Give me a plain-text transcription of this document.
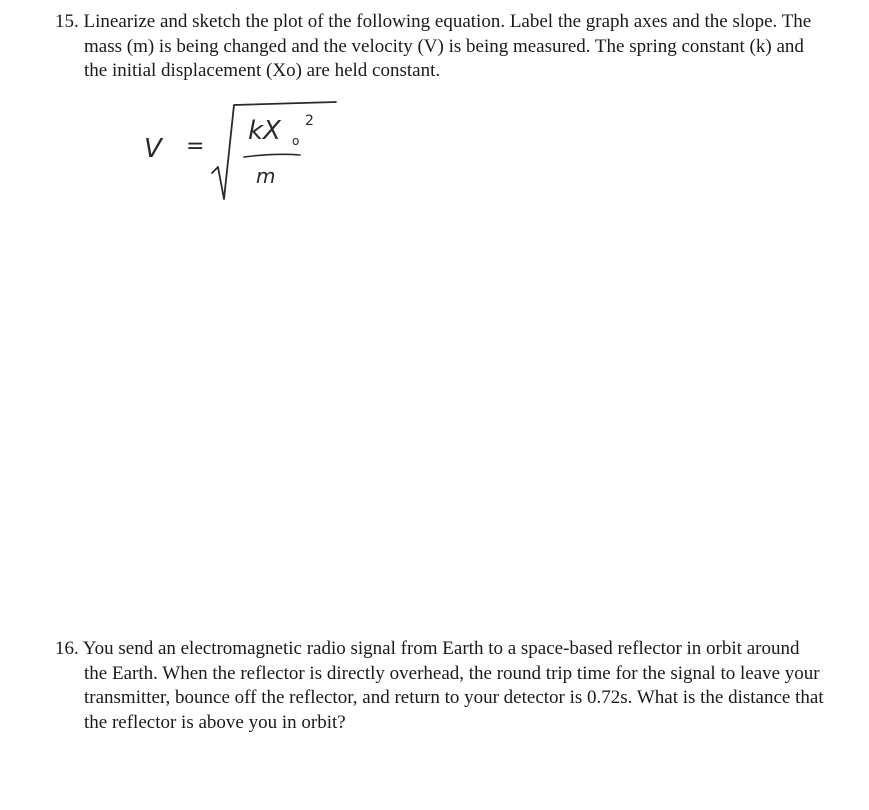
15. Linearize and sketch the plot of the following equation. Label the graph axes and the slope. The mass (m) is being changed and the velocity (V) is being measured. The spring constant (k) and the initial displacement (Xo) are held constant.
V =
kX o
2
m
16. You send an electromagnetic radio signal from Earth to a space-based reflector in orbit around the Earth. When the reflector is directly overhead, the round trip time for the signal to leave your transmitter, bounce off the reflector, and return to your detector is 0.72s. What is the distance that the reflector is above you in orbit?
